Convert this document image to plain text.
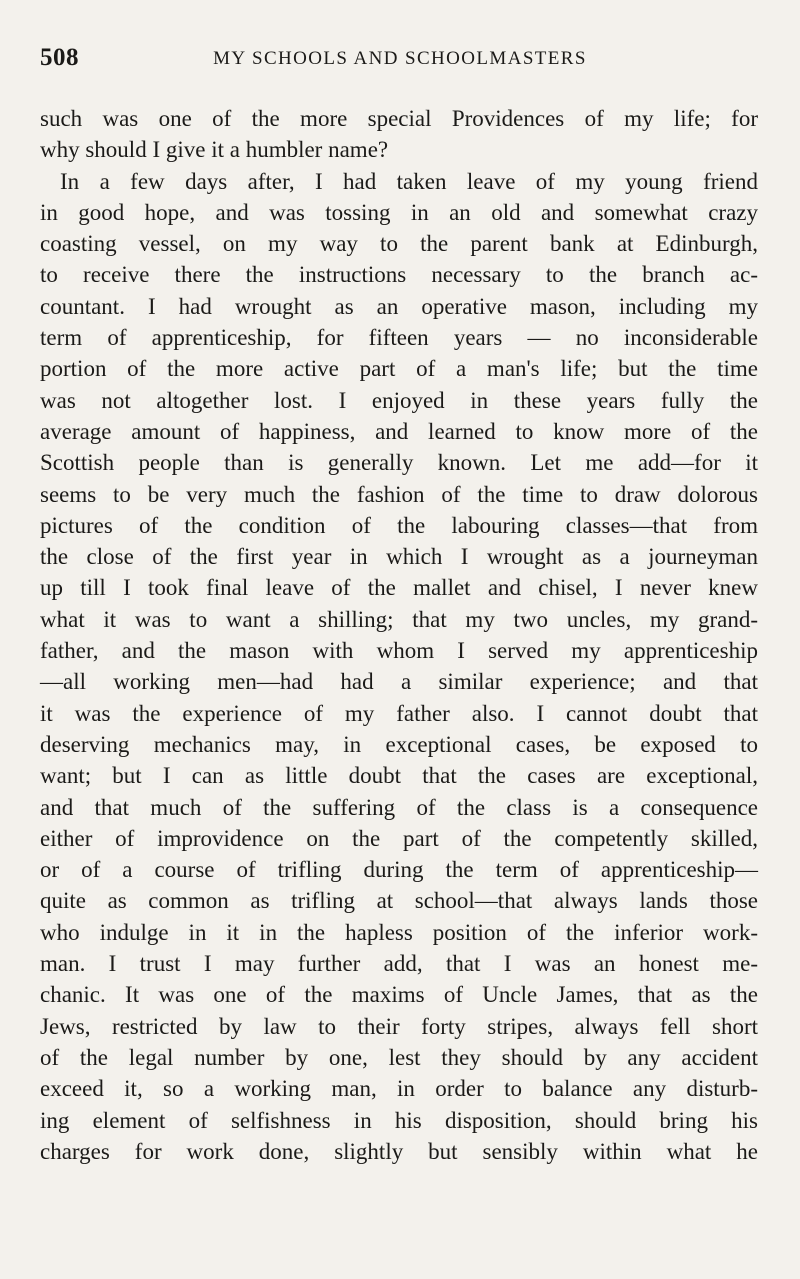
508	MY SCHOOLS AND SCHOOLMASTERS
such was one of the more special Providences of my life; for
why should I give it a humbler name?
In a few days after, I had taken leave of my young friend
in good hope, and was tossing in an old and somewhat crazy
coasting vessel, on my way to the parent bank at Edinburgh,
to receive there the instructions necessary to the branch ac-
countant. I had wrought as an operative mason, including my
term of apprenticeship, for fifteen years — no inconsiderable
portion of the more active part of a man's life; but the time
was not altogether lost. I enjoyed in these years fully the
average amount of happiness, and learned to know more of the
Scottish people than is generally known. Let me add—for it
seems to be very much the fashion of the time to draw dolorous
pictures of the condition of the labouring classes—that from
the close of the first year in which I wrought as a journeyman
up till I took final leave of the mallet and chisel, I never knew
what it was to want a shilling; that my two uncles, my grand-
father, and the mason with whom I served my apprenticeship
—all working men—had had a similar experience; and that
it was the experience of my father also. I cannot doubt that
deserving mechanics may, in exceptional cases, be exposed to
want; but I can as little doubt that the cases are exceptional,
and that much of the suffering of the class is a consequence
either of improvidence on the part of the competently skilled,
or of a course of trifling during the term of apprenticeship—
quite as common as trifling at school—that always lands those
who indulge in it in the hapless position of the inferior work-
man. I trust I may further add, that I was an honest me-
chanic. It was one of the maxims of Uncle James, that as the
Jews, restricted by law to their forty stripes, always fell short
of the legal number by one, lest they should by any accident
exceed it, so a working man, in order to balance any disturb-
ing element of selfishness in his disposition, should bring his
charges for work done, slightly but sensibly within what he
